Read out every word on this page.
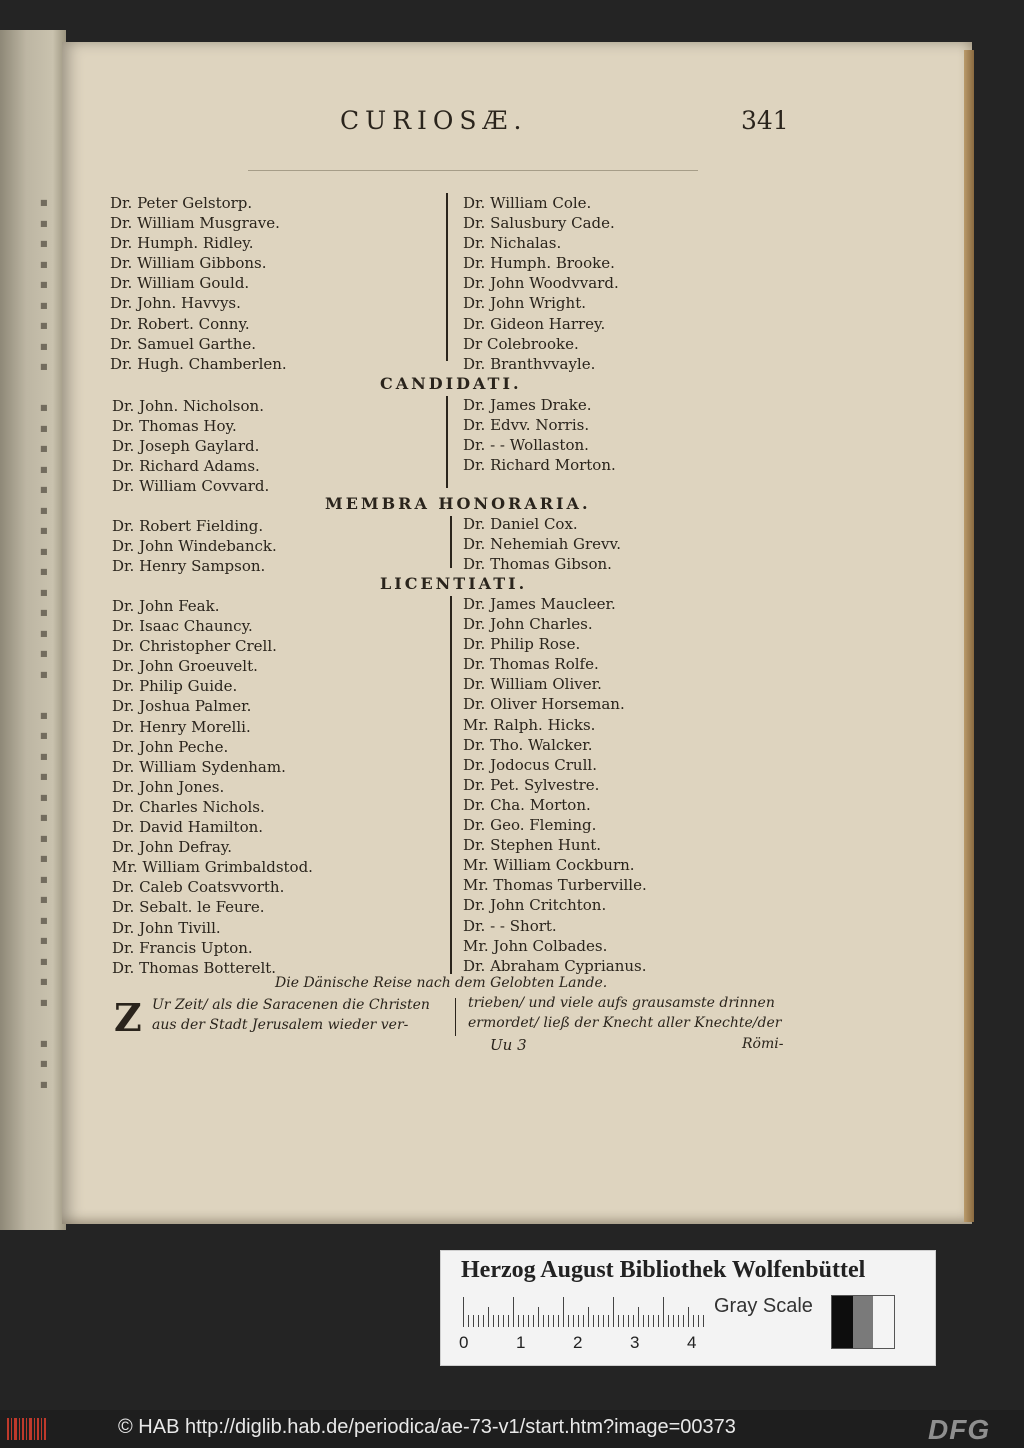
■
■
■
■
■
■
■
■
■
■
■
■
■
■
■
■
■
■
■
■
■
■
■
■
■
■
■
■
■
■
■
■
■
■
■
■
■
■
■
■
■
CURIOSÆ.	341
Dr. Peter Gelstorp.
Dr. William Musgrave.
Dr. Humph. Ridley.
Dr. William Gibbons.
Dr. William Gould.
Dr. John. Havvys.
Dr. Robert. Conny.
Dr. Samuel Garthe.
Dr. Hugh. Chamberlen.
Dr. William Cole.
Dr. Salusbury Cade.
Dr. Nichalas.
Dr. Humph. Brooke.
Dr. John Woodvvard.
Dr. John Wright.
Dr. Gideon Harrey.
Dr Colebrooke.
Dr. Branthvvayle.
CANDIDATI.
Dr. John. Nicholson.
Dr. Thomas Hoy.
Dr. Joseph Gaylard.
Dr. Richard Adams.
Dr. William Covvard.
Dr. James Drake.
Dr. Edvv. Norris.
Dr. - - Wollaston.
Dr. Richard Morton.
MEMBRA HONORARIA.
Dr. Robert Fielding.
Dr. John Windebanck.
Dr. Henry Sampson.
Dr. Daniel Cox.
Dr. Nehemiah Grevv.
Dr. Thomas Gibson.
LICENTIATI.
Dr. John Feak.
Dr. Isaac Chauncy.
Dr. Christopher Crell.
Dr. John Groeuvelt.
Dr. Philip Guide.
Dr. Joshua Palmer.
Dr. Henry Morelli.
Dr. John Peche.
Dr. William Sydenham.
Dr. John Jones.
Dr. Charles Nichols.
Dr. David Hamilton.
Dr. John Defray.
Mr. William Grimbaldstod.
Dr. Caleb Coatsvvorth.
Dr. Sebalt. le Feure.
Dr. John Tivill.
Dr. Francis Upton.
Dr. Thomas Botterelt.
Dr. James Maucleer.
Dr. John Charles.
Dr. Philip Rose.
Dr. Thomas Rolfe.
Dr. William Oliver.
Dr. Oliver Horseman.
Mr. Ralph. Hicks.
Dr. Tho. Walcker.
Dr. Jodocus Crull.
Dr. Pet. Sylvestre.
Dr. Cha. Morton.
Dr. Geo. Fleming.
Dr. Stephen Hunt.
Mr. William Cockburn.
Mr. Thomas Turberville.
Dr. John Critchton.
Dr. - - Short.
Mr. John Colbades.
Dr. Abraham Cyprianus.
Die Dänische Reise nach dem Gelobten Lande.
Z Ur Zeit/ als die Saracenen die Christen
aus der Stadt Jerusalem wieder ver-
trieben/ und viele aufs grausamste drinnen
ermordet/ ließ der Knecht aller Knechte/der
Uu 3	Römi-
Herzog August Bibliothek Wolfenbüttel
0	1	2	3	4
Gray Scale
© HAB http://diglib.hab.de/periodica/ae-73-v1/start.htm?image=00373	DFG
